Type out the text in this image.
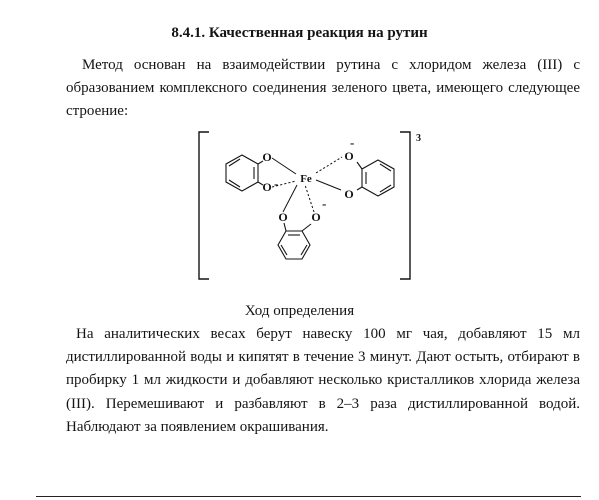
8.4.1. Качественная реакция на рутин

Метод основан на взаимодействии рутина с хлоридом железа (III) с образованием комплексного соединения зеленого цвета, имеющего следующее строение:

Fe
O
O
O
O
O O
-
-
-
3
Ход определения

На аналитических весах берут навеску 100 мг чая, добавляют 15 мл дистиллированной воды и кипятят в течение 3 минут. Дают остыть, отбирают в пробирку 1 мл жидкости и добавляют несколько кристалликов хлорида железа (III). Перемешивают и разбавляют в 2–3 раза дистиллированной водой. Наблюдают за появлением окрашивания.
